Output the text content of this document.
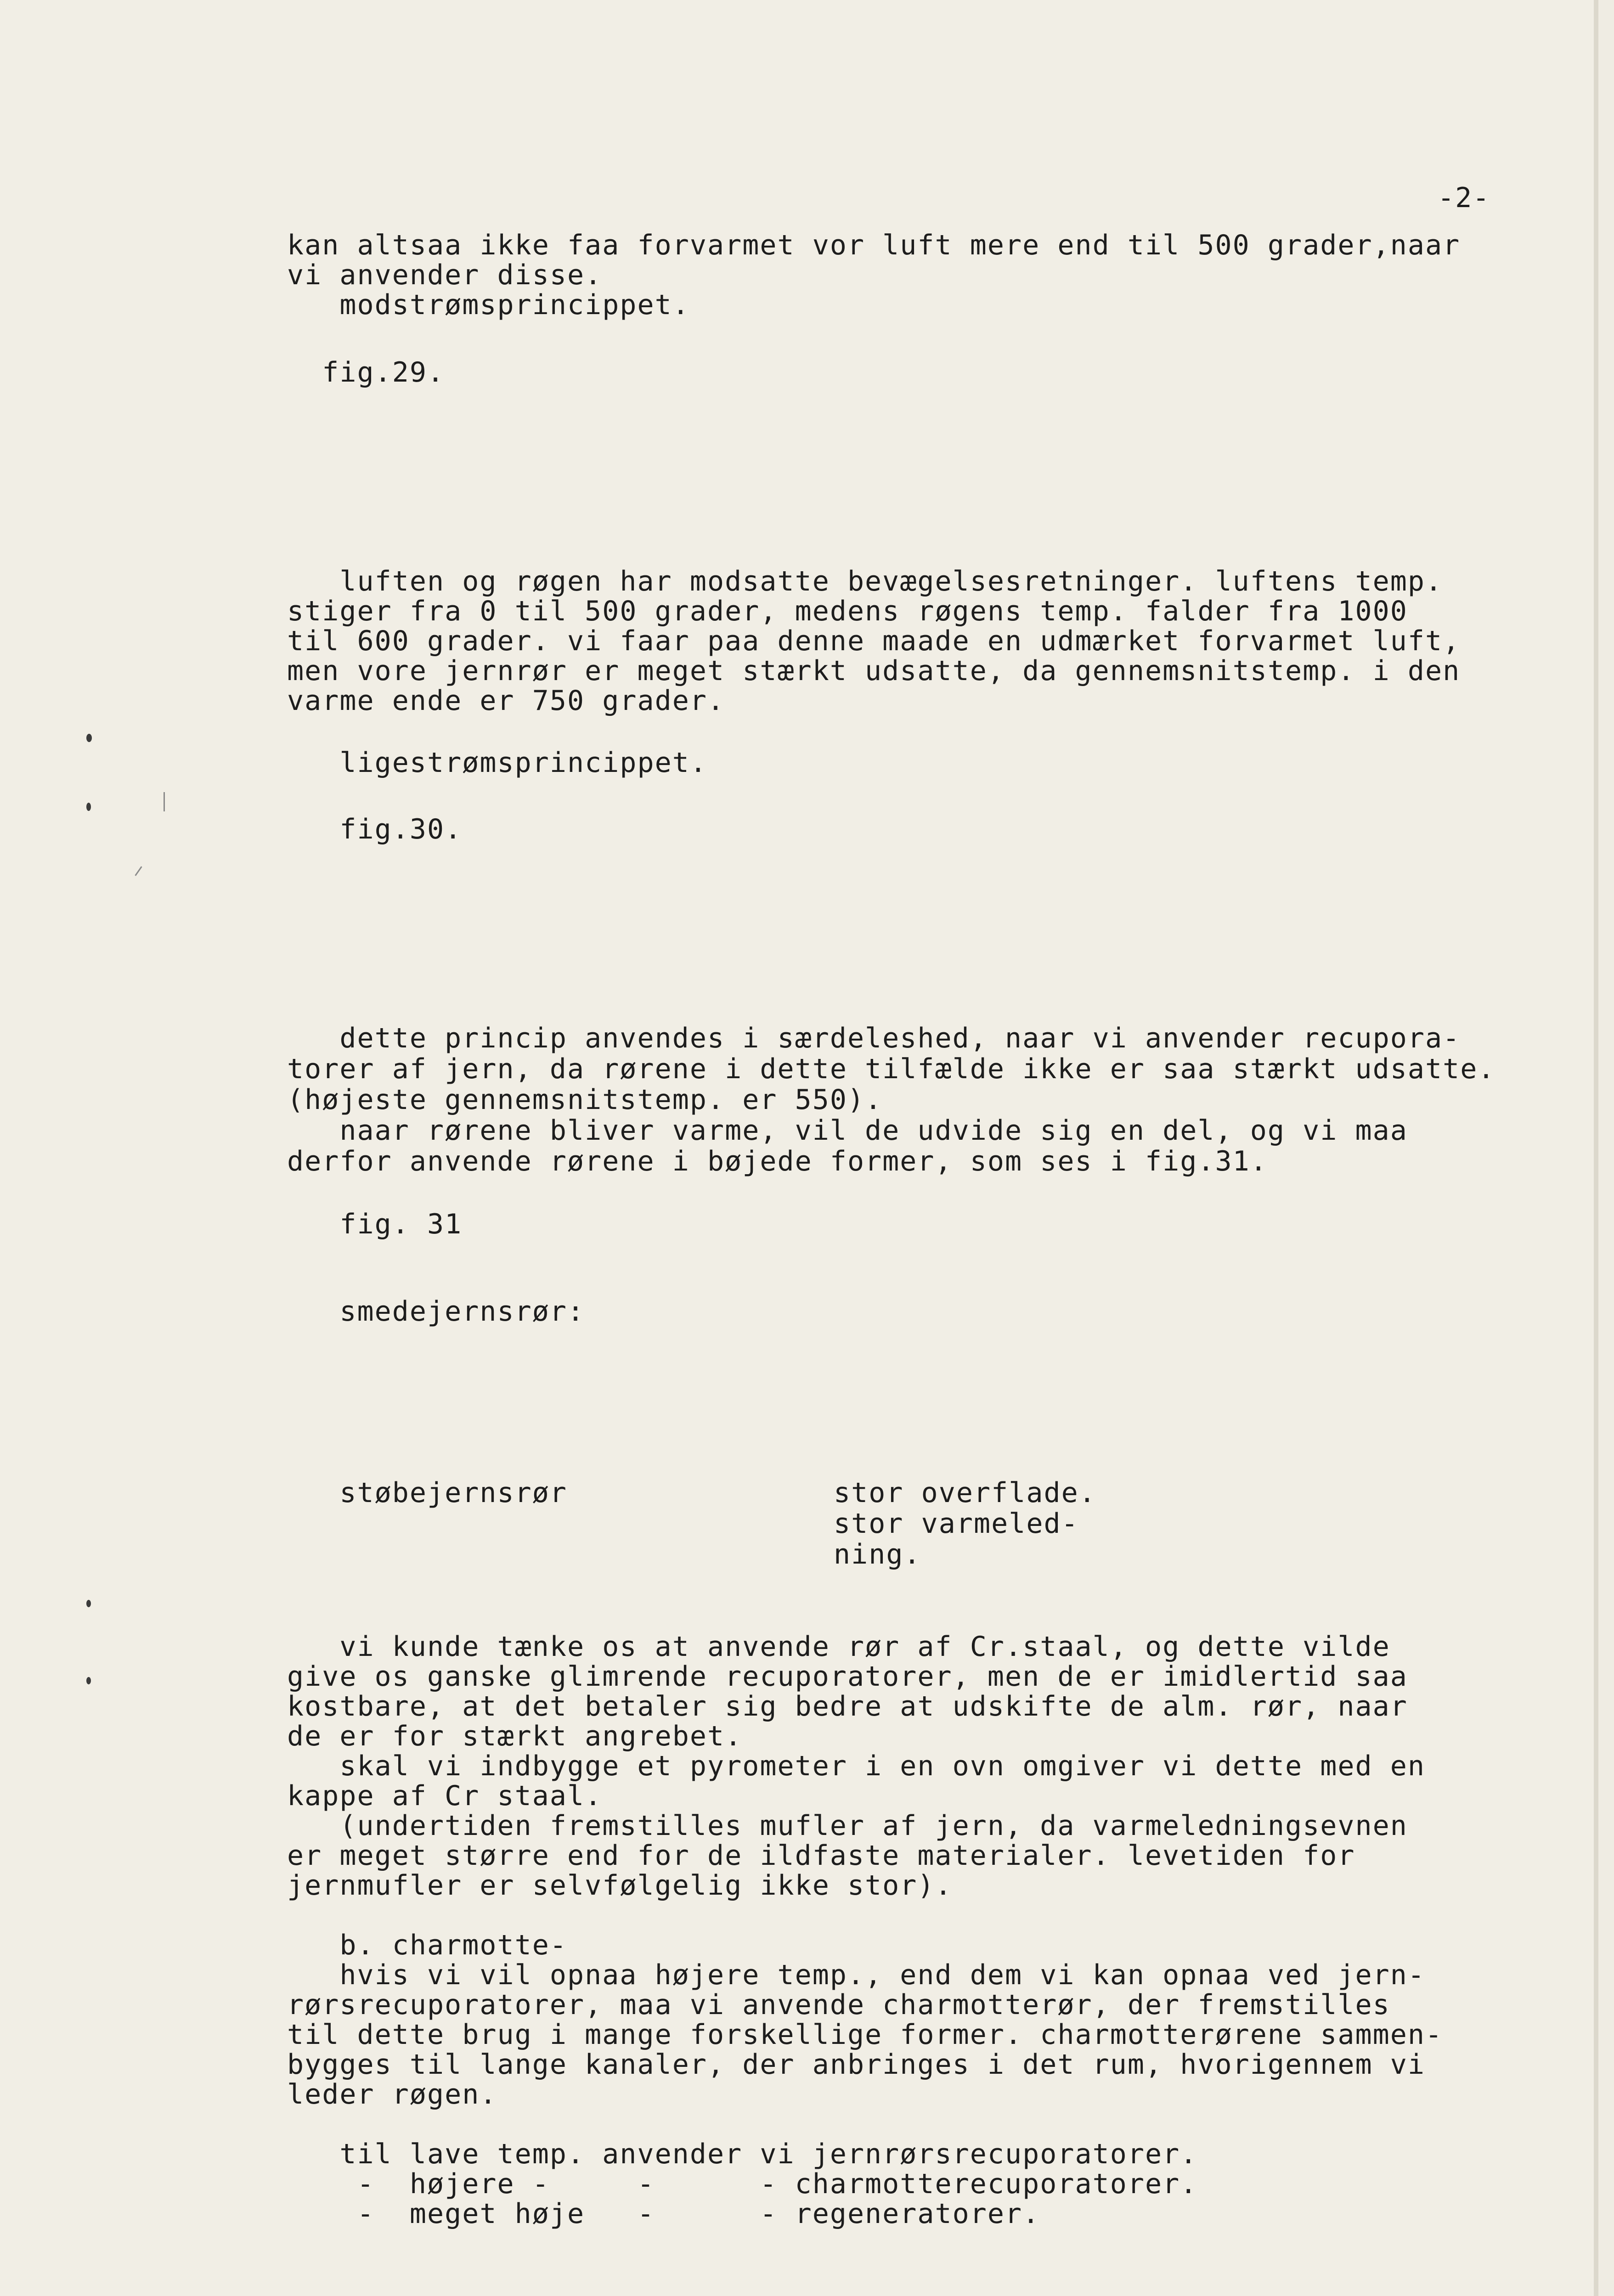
-2-
kan altsaa ikke faa forvarmet vor luft mere end til 500 grader,naar
vi anvender disse.
modstrømsprincippet.
fig.29.
luften og røgen har modsatte bevægelsesretninger. luftens temp.
stiger fra 0 til 500 grader, medens røgens temp. falder fra 1000
til 600 grader. vi faar paa denne maade en udmærket forvarmet luft,
men vore jernrør er meget stærkt udsatte, da gennemsnitstemp. i den
varme ende er 750 grader.
ligestrømsprincippet.
fig.30.
dette princip anvendes i særdeleshed, naar vi anvender recupora-
torer af jern, da rørene i dette tilfælde ikke er saa stærkt udsatte.
(højeste gennemsnitstemp. er 550).
naar rørene bliver varme, vil de udvide sig en del, og vi maa
derfor anvende rørene i bøjede former, som ses i fig.31.
fig. 31
smedejernsrør:
støbejernsrør	stor overflade.
stor varmeled-
ning.
vi kunde tænke os at anvende rør af Cr.staal, og dette vilde
give os ganske glimrende recuporatorer, men de er imidlertid saa
kostbare, at det betaler sig bedre at udskifte de alm. rør, naar
de er for stærkt angrebet.
skal vi indbygge et pyrometer i en ovn omgiver vi dette med en
kappe af Cr staal.
(undertiden fremstilles mufler af jern, da varmeledningsevnen
er meget større end for de ildfaste materialer. levetiden for
jernmufler er selvfølgelig ikke stor).
b. charmotte-
hvis vi vil opnaa højere temp., end dem vi kan opnaa ved jern-
rørsrecuporatorer, maa vi anvende charmotterør, der fremstilles
til dette brug i mange forskellige former. charmotterørene sammen-
bygges til lange kanaler, der anbringes i det rum, hvorigennem vi
leder røgen.
til lave temp. anvender vi jernrørsrecuporatorer.
-  højere -     -      - charmotterecuporatorer.
-  meget høje   -      - regeneratorer.
